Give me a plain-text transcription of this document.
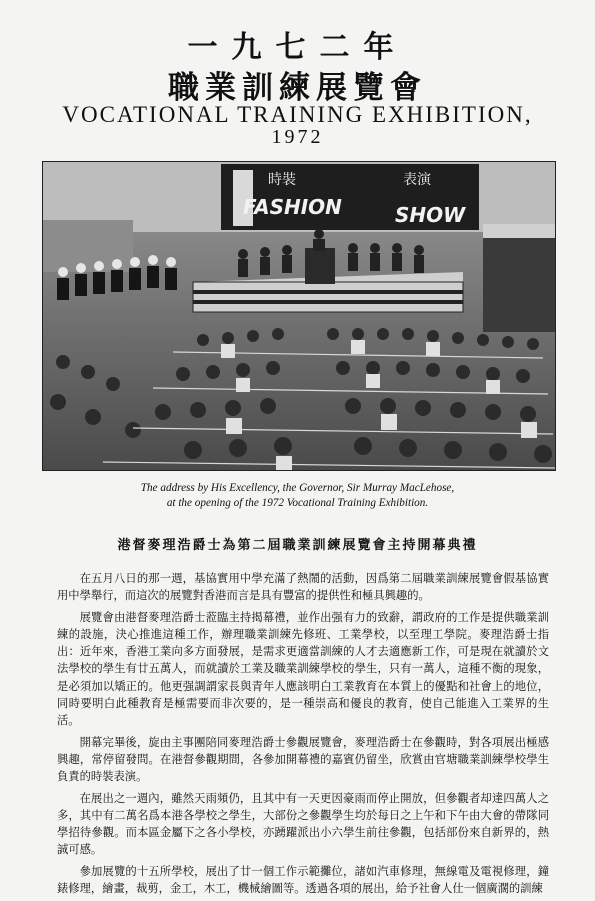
一九七二年
職業訓練展覽會
VOCATIONAL TRAINING EXHIBITION,
1972
時裝	表演
FASHION	SHOW
The address by His Excellency, the Governor, Sir Murray MacLehose,
at the opening of the 1972 Vocational Training Exhibition.
港督麥理浩爵士為第二屆職業訓練展覽會主持開幕典禮

在五月八日的那一週，基協實用中學充滿了熱鬧的活動，因爲第二屆職業訓練展覽會假基協實用中學舉行，而這次的展覽對香港而言是具有豐富的提供性和極具興趣的。

展覽會由港督麥理浩爵士蒞臨主持揭幕禮，並作出强有力的致辭，謂政府的工作是提供職業訓練的設施，決心推進這種工作，辦理職業訓練先修班、工業學校，以至理工學院。麥理浩爵士指出：近年來，香港工業向多方面發展，是需求更適當訓練的人才去適應新工作，可是現在就讀於文法學校的學生有廿五萬人，而就讀於工業及職業訓練學校的學生，只有一萬人，這種不衡的現象，是必須加以矯正的。他更强調謂家長與青年人應該明白工業教育在本質上的優點和社會上的地位，同時要明白此種教育是極需要而非次要的，是一種崇高和優良的教育，使自己能進入工業界的生活。

開幕完畢後，旋由主事團陪同麥理浩爵士參觀展覽會，麥理浩爵士在參觀時，對各項展出極感興趣，常停留發問。在港督參觀期間，各參加開幕禮的嘉賓仍留坐，欣賞由官塘職業訓練學校學生負責的時裝表演。

在展出之一週內，雖然天雨頻仍，且其中有一天更因豪雨而停止開放，但參觀者却達四萬人之多，其中有二萬名爲本港各學校之學生，大部份之參觀學生均於每日之上午和下午由大會的帶隊同學招待參觀。而本區金屬下之各小學校，亦踴躍派出小六學生前往參觀，包括部份來自新界的，熱誠可感。

參加展覽的十五所學校，展出了廿一個工作示範攤位，諸如汽車修理，無線電及電視修理，鐘錶修理，繪畫，裁剪，金工，木工，機械繪圖等。透過各項的展出，給予社會人仕一個廣濶的訓練
